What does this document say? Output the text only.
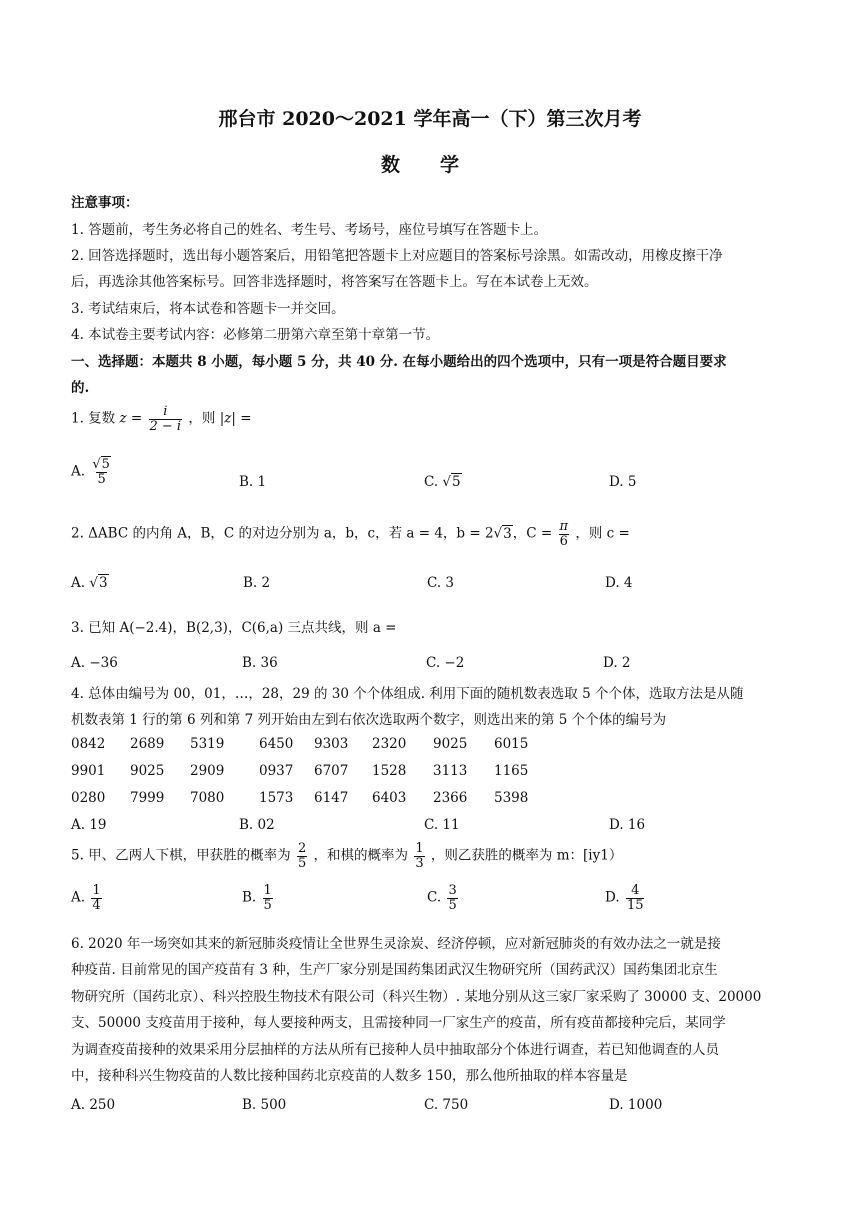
邢台市 2020～2021 学年高一（下）第三次月考
数学
注意事项：
1. 答题前，考生务必将自己的姓名、考生号、考场号，座位号填写在答题卡上。
2. 回答选择题时，选出每小题答案后，用铅笔把答题卡上对应题目的答案标号涂黑。如需改动，用橡皮擦干净
后，再选涂其他答案标号。回答非选择题时，将答案写在答题卡上。写在本试卷上无效。
3. 考试结束后，将本试卷和答题卡一并交回。
4. 本试卷主要考试内容：必修第二册第六章至第十章第一节。
一、选择题：本题共 8 小题，每小题 5 分，共 40 分. 在每小题给出的四个选项中，只有一项是符合题目要求
的.
1. 复数 $z = \frac{i}{2 - i}$ ，则 |z| =
A. $\frac{√5}{5}$	B. 1	C. √5	D. 5
2. ΔABC 的内角 A，B，C 的对边分别为 a，b，c，若 a = 4，b = 2√3，$C = \frac{\pi}{6}$ ，则 c =
A. √3	B. 2	C. 3	D. 4
3. 已知 A(−2.4)，B(2,3)，C(6,a) 三点共线，则 a =
A. −36	B. 36	C. −2	D. 2
4. 总体由编号为 00，01，…，28，29 的 30 个个体组成. 利用下面的随机数表选取 5 个个体，选取方法是从随
机数表第 1 行的第 6 列和第 7 列开始由左到右依次选取两个数字，则选出来的第 5 个个体的编号为
0842 2689 5319	6450 9303 2320 9025 6015
9901 9025 2909	0937 6707 1528 3113 1165
0280 7999 7080	1573 6147 6403 2366 5398
A. 19	B. 02	C. 11	D. 16
5. 甲、乙两人下棋，甲获胜的概率为 $\frac{2}{5}$ ，和棋的概率为 $\frac{1}{3}$ ，则乙获胜的概率为 m：[iy1）
A. $\frac{1}{4}$	B. $\frac{1}{5}$	C. $\frac{3}{5}$	D. $\frac{4}{15}$
6. 2020 年一场突如其来的新冠肺炎疫情让全世界生灵涂炭、经济停顿，应对新冠肺炎的有效办法之一就是接
种疫苗. 目前常见的国产疫苗有 3 种，生产厂家分别是国药集团武汉生物研究所（国药武汉）国药集团北京生
物研究所（国药北京）、科兴控股生物技术有限公司（科兴生物）. 某地分别从这三家厂家采购了 30000 支、20000
支、50000 支疫苗用于接种，每人要接种两支，且需接种同一厂家生产的疫苗，所有疫苗都接种完后，某同学
为调查疫苗接种的效果采用分层抽样的方法从所有已接种人员中抽取部分个体进行调查，若已知他调查的人员
中，接种科兴生物疫苗的人数比接种国药北京疫苗的人数多 150，那么他所抽取的样本容量是
A. 250	B. 500	C. 750	D. 1000
